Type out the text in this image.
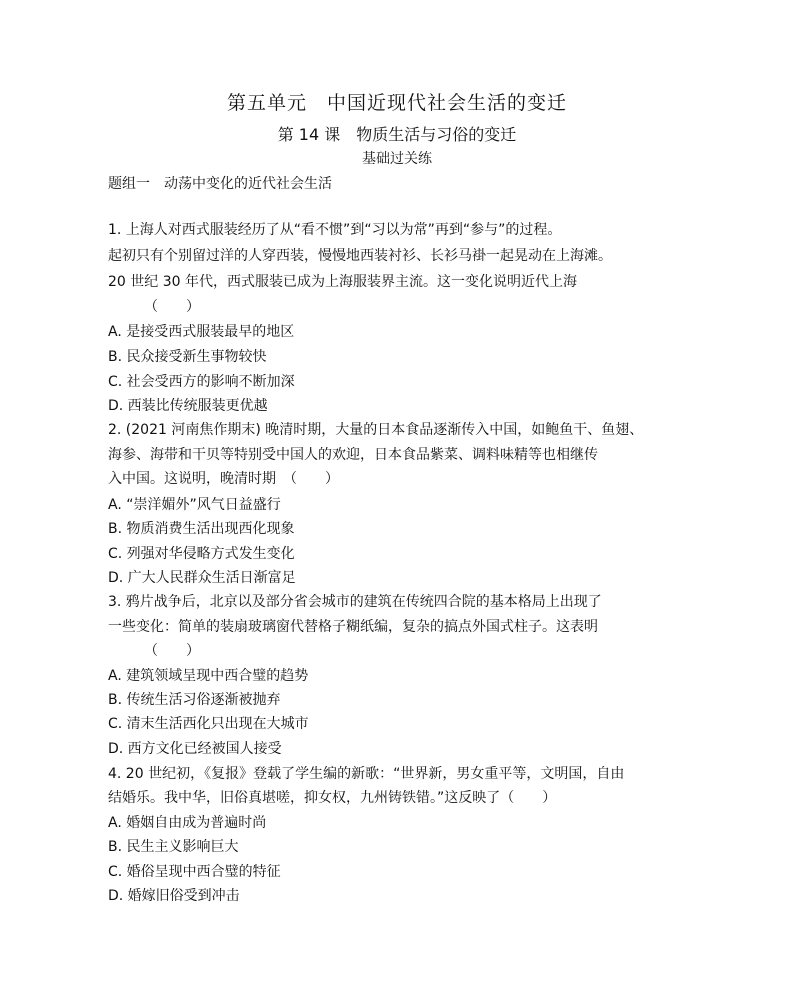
第五单元　中国近现代社会生活的变迁
第 14 课　物质生活与习俗的变迁
基础过关练
题组一　动荡中变化的近代社会生活
1. 上海人对西式服装经历了从“看不惯”到“习以为常”再到“参与”的过程。
起初只有个别留过洋的人穿西装，慢慢地西装衬衫、长衫马褂一起晃动在上海滩。
20 世纪 30 年代，西式服装已成为上海服装界主流。这一变化说明近代上海
（　　）
A. 是接受西式服装最早的地区
B. 民众接受新生事物较快
C. 社会受西方的影响不断加深
D. 西装比传统服装更优越
2. (2021 河南焦作期末) 晚清时期，大量的日本食品逐渐传入中国，如鲍鱼干、鱼翅、
海参、海带和干贝等特别受中国人的欢迎，日本食品紫菜、调料味精等也相继传
入中国。这说明，晚清时期　（　　）
A. “崇洋媚外”风气日益盛行
B. 物质消费生活出现西化现象
C. 列强对华侵略方式发生变化
D. 广大人民群众生活日渐富足
3. 鸦片战争后，北京以及部分省会城市的建筑在传统四合院的基本格局上出现了
一些变化：简单的装扇玻璃窗代替格子糊纸编，复杂的搞点外国式柱子。这表明
（　　）
A. 建筑领域呈现中西合璧的趋势
B. 传统生活习俗逐渐被抛弃
C. 清末生活西化只出现在大城市
D. 西方文化已经被国人接受
4. 20 世纪初，《复报》登载了学生编的新歌：“世界新，男女重平等，文明国，自由
结婚乐。我中华，旧俗真堪嗟，抑女权，九州铸铁错。”这反映了（　　）
A. 婚姻自由成为普遍时尚
B. 民生主义影响巨大
C. 婚俗呈现中西合璧的特征
D. 婚嫁旧俗受到冲击
